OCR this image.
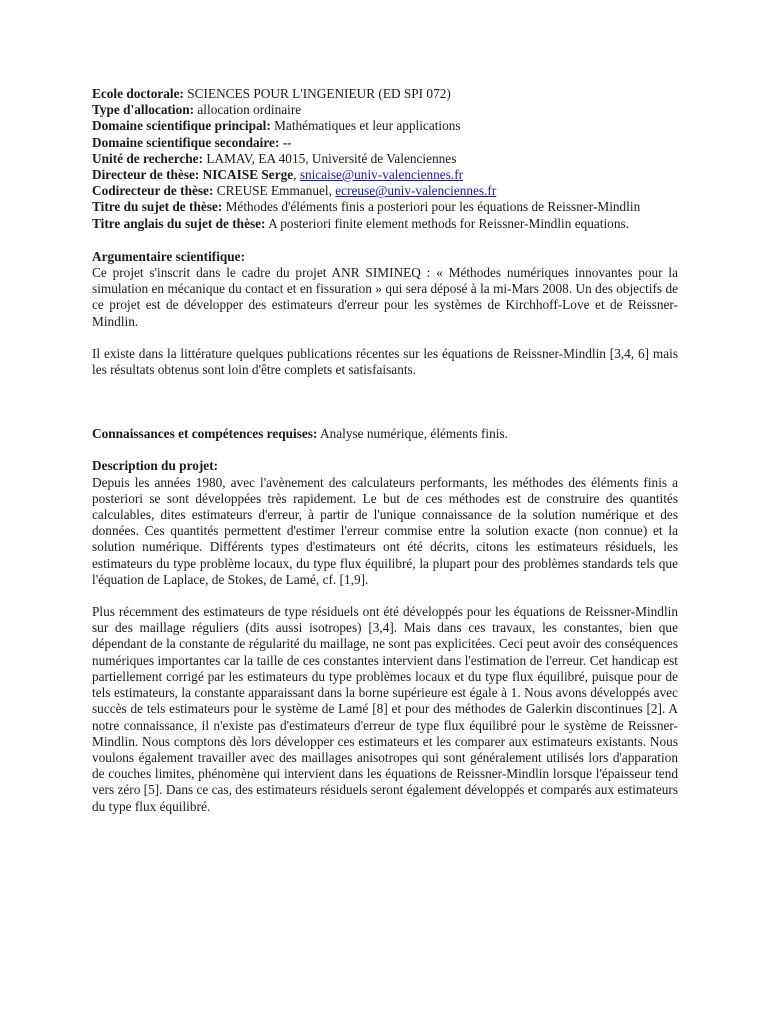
Ecole doctorale: SCIENCES POUR L'INGENIEUR (ED SPI 072)

Type d'allocation: allocation ordinaire

Domaine scientifique principal: Mathématiques et leur applications

Domaine scientifique secondaire: --

Unité de recherche: LAMAV, EA 4015, Université de Valenciennes

Directeur de thèse: NICAISE Serge, snicaise@univ-valenciennes.fr

Codirecteur de thèse: CREUSE Emmanuel, ecreuse@univ-valenciennes.fr

Titre du sujet de thèse: Méthodes d'éléments finis a posteriori pour les équations de Reissner-Mindlin

Titre anglais du sujet de thèse: A posteriori finite element methods for Reissner-Mindlin equations.

Argumentaire scientifique:

Ce projet s'inscrit dans le cadre du projet ANR SIMINEQ : « Méthodes numériques innovantes pour la simulation en mécanique du contact et en fissuration » qui sera déposé à la mi-Mars 2008. Un des objectifs de ce projet est de développer des estimateurs d'erreur pour les systèmes de Kirchhoff-Love et de Reissner-Mindlin.

Il existe dans la littérature quelques publications récentes sur les équations de Reissner-Mindlin [3,4, 6] mais les résultats obtenus sont loin d'être complets et satisfaisants.

Connaissances et compétences requises: Analyse numérique, éléments finis.

Description du projet:

Depuis les années 1980, avec l'avènement des calculateurs performants, les méthodes des éléments finis a posteriori se sont développées très rapidement. Le but de ces méthodes est de construire des quantités calculables, dites estimateurs d'erreur, à partir de l'unique connaissance de la solution numérique et des données. Ces quantités permettent d'estimer l'erreur commise entre la solution exacte (non connue) et la solution numérique. Différents types d'estimateurs ont été décrits, citons les estimateurs résiduels, les estimateurs du type problème locaux, du type flux équilibré, la plupart pour des problèmes standards tels que l'équation de Laplace, de Stokes, de Lamé, cf. [1,9].

Plus récemment des estimateurs de type résiduels ont été développés pour les équations de Reissner-Mindlin sur des maillage réguliers (dits aussi isotropes) [3,4]. Mais dans ces travaux, les constantes, bien que dépendant de la constante de régularité du maillage, ne sont pas explicitées. Ceci peut avoir des conséquences numériques importantes car la taille de ces constantes intervient dans l'estimation de l'erreur. Cet handicap est partiellement corrigé par les estimateurs du type problèmes locaux et du type flux équilibré, puisque pour de tels estimateurs, la constante apparaissant dans la borne supérieure est égale à 1. Nous avons développés avec succès de tels estimateurs pour le système de Lamé [8] et pour des méthodes de Galerkin discontinues [2]. A notre connaissance, il n'existe pas d'estimateurs d'erreur de type flux équilibré pour le système de Reissner-Mindlin. Nous comptons dès lors développer ces estimateurs et les comparer aux estimateurs existants. Nous voulons également travailler avec des maillages anisotropes qui sont généralement utilisés lors d'apparation de couches limites, phénomène qui intervient dans les équations de Reissner-Mindlin lorsque l'épaisseur tend vers zéro [5]. Dans ce cas, des estimateurs résiduels seront également développés et comparés aux estimateurs du type flux équilibré.
